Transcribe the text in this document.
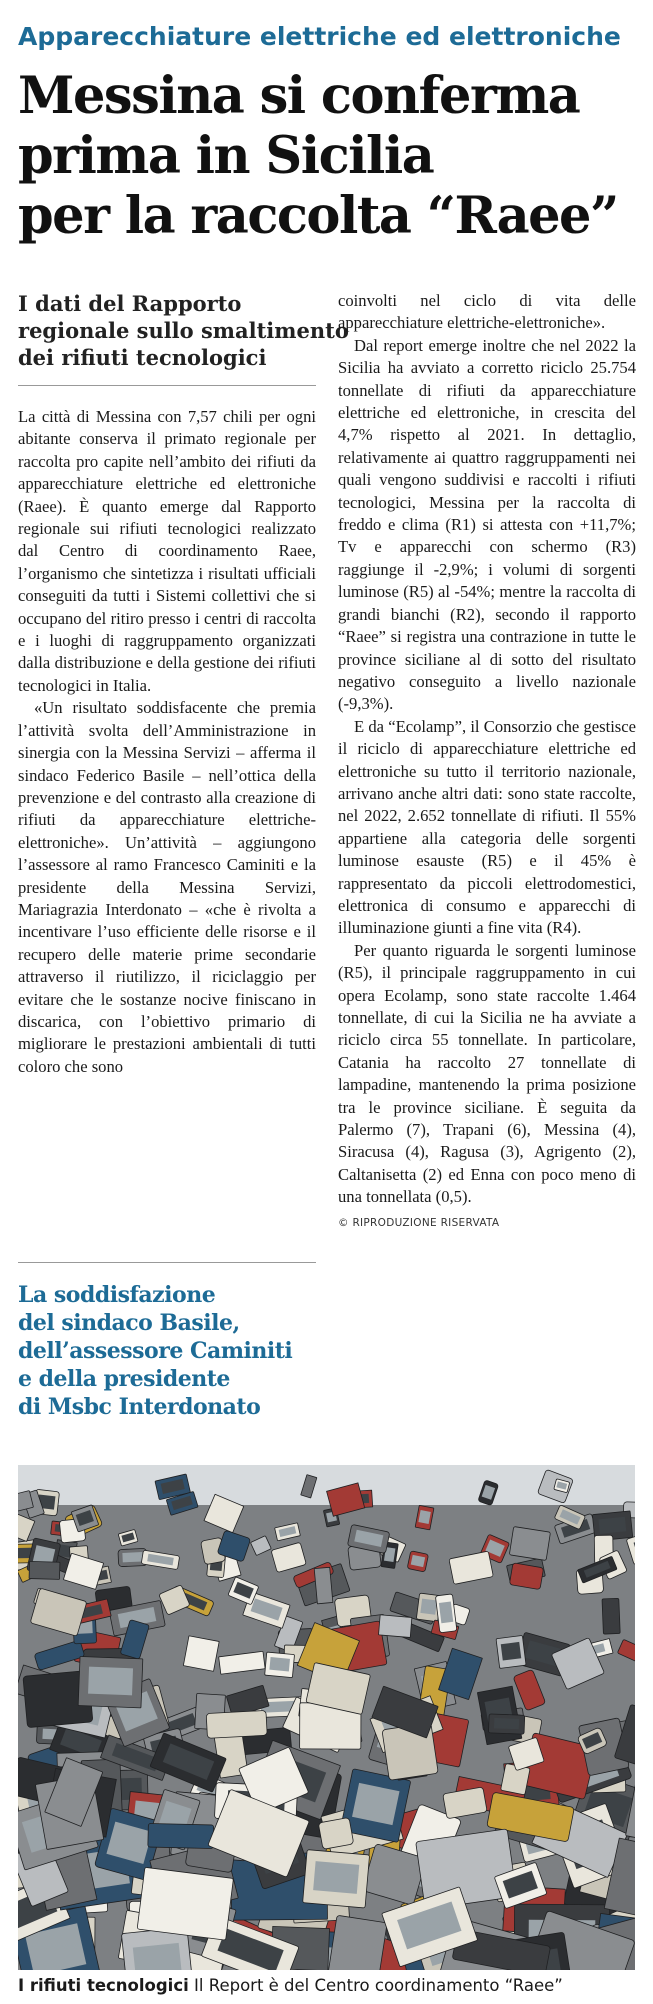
Apparecchiature elettriche ed elettroniche
Messina si conferma
prima in Sicilia
per la raccolta “Raee”
I dati del Rapporto
regionale sullo smaltimento
dei rifiuti tecnologici

La città di Messina con 7,57 chili per ogni abitante conserva il primato regionale per raccolta pro capite nell’ambito dei rifiuti da apparecchiature elettriche ed elettroniche (Raee). È quanto emerge dal Rapporto regionale sui rifiuti tecnologici realizzato dal Centro di coordinamento Raee, l’organismo che sintetizza i risultati ufficiali conseguiti da tutti i Sistemi collettivi che si occupano del ritiro presso i centri di raccolta e i luoghi di raggruppamento organizzati dalla distribuzione e della gestione dei rifiuti tecnologici in Italia.

«Un risultato soddisfacente che premia l’attività svolta dell’Amministrazione in sinergia con la Messina Servizi – afferma il sindaco Federico Basile – nell’ottica della prevenzione e del contrasto alla creazione di rifiuti da apparecchiature elettriche-elettroniche». Un’attività – aggiungono l’assessore al ramo Francesco Caminiti e la presidente della Messina Servizi, Mariagrazia Interdonato – «che è rivolta a incentivare l’uso efficiente delle risorse e il recupero delle materie prime secondarie attraverso il riutilizzo, il riciclaggio per evitare che le sostanze nocive finiscano in discarica, con l’obiettivo primario di migliorare le prestazioni ambientali di tutti coloro che sono

La soddisfazione
del sindaco Basile,
dell’assessore Caminiti
e della presidente
di Msbc Interdonato

coinvolti nel ciclo di vita delle apparecchiature elettriche-elettroniche».

Dal report emerge inoltre che nel 2022 la Sicilia ha avviato a corretto riciclo 25.754 tonnellate di rifiuti da apparecchiature elettriche ed elettroniche, in crescita del 4,7% rispetto al 2021. In dettaglio, relativamente ai quattro raggruppamenti nei quali vengono suddivisi e raccolti i rifiuti tecnologici, Messina per la raccolta di freddo e clima (R1) si attesta con +11,7%; Tv e apparecchi con schermo (R3) raggiunge il -2,9%; i volumi di sorgenti luminose (R5) al -54%; mentre la raccolta di grandi bianchi (R2), secondo il rapporto “Raee” si registra una contrazione in tutte le province siciliane al di sotto del risultato negativo conseguito a livello nazionale (-9,3%).

E da “Ecolamp”, il Consorzio che gestisce il riciclo di apparecchiature elettriche ed elettroniche su tutto il territorio nazionale, arrivano anche altri dati: sono state raccolte, nel 2022, 2.652 tonnellate di rifiuti. Il 55% appartiene alla categoria delle sorgenti luminose esauste (R5) e il 45% è rappresentato da piccoli elettrodomestici, elettronica di consumo e apparecchi di illuminazione giunti a fine vita (R4).

Per quanto riguarda le sorgenti luminose (R5), il principale raggruppamento in cui opera Ecolamp, sono state raccolte 1.464 tonnellate, di cui la Sicilia ne ha avviate a riciclo circa 55 tonnellate. In particolare, Catania ha raccolto 27 tonnellate di lampadine, mantenendo la prima posizione tra le province siciliane. È seguita da Palermo (7), Trapani (6), Messina (4), Siracusa (4), Ragusa (3), Agrigento (2), Caltanisetta (2) ed Enna con poco meno di una tonnellata (0,5).

© RIPRODUZIONE RISERVATA
I rifiuti tecnologici Il Report è del Centro coordinamento “Raee”
